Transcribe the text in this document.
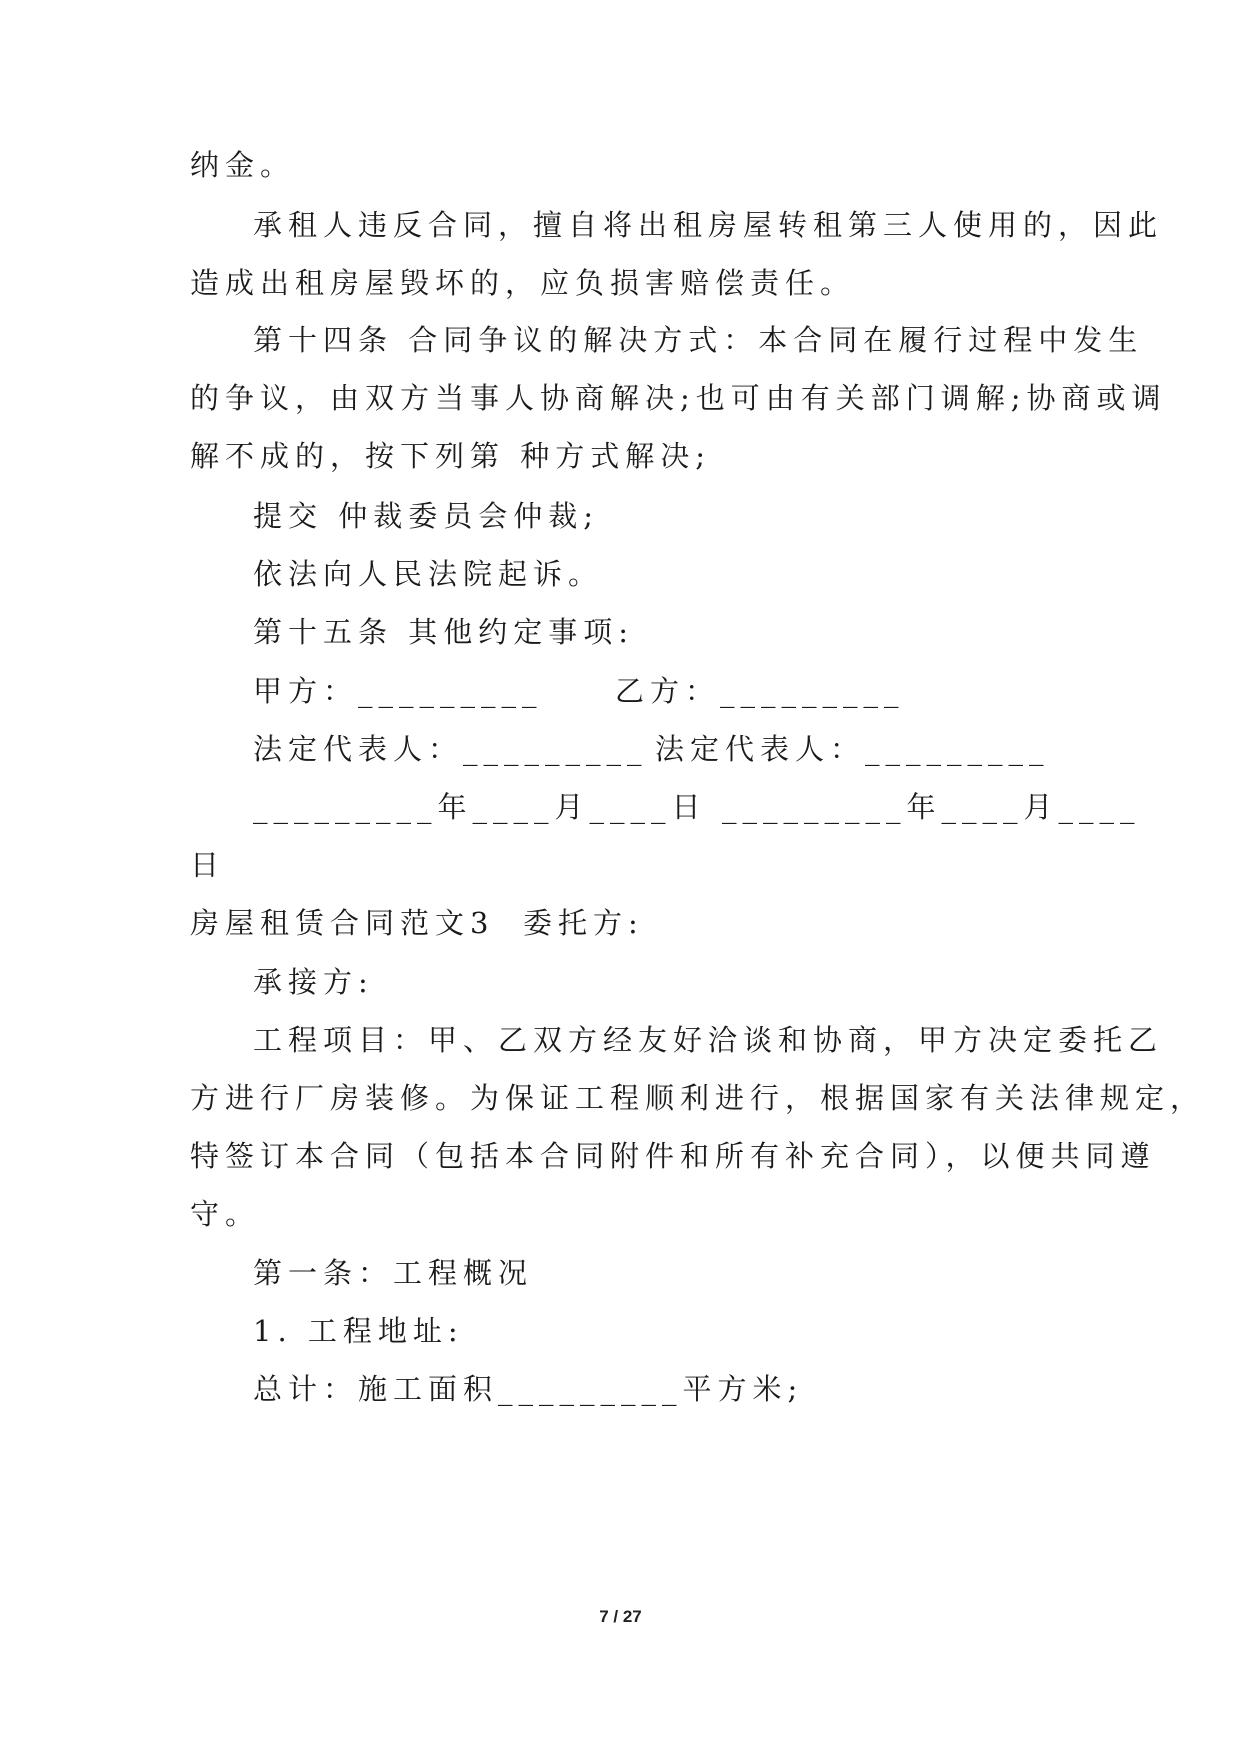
纳金。
承租人违反合同，擅自将出租房屋转租第三人使用的，因此
造成出租房屋毁坏的，应负损害赔偿责任。
第十四条 合同争议的解决方式：本合同在履行过程中发生
的争议，由双方当事人协商解决;也可由有关部门调解;协商或调
解不成的，按下列第 种方式解决;
提交 仲裁委员会仲裁;
依法向人民法院起诉。
第十五条 其他约定事项:
甲方：_________ 乙方：_________
法定代表人：_________ 法定代表人：_________
_________年____月____日 _________年____月____
日
房屋租赁合同范文3 委托方:
承接方:
工程项目：甲、乙双方经友好洽谈和协商，甲方决定委托乙
方进行厂房装修。为保证工程顺利进行，根据国家有关法律规定，
特签订本合同（包括本合同附件和所有补充合同），以便共同遵
守。
第一条：工程概况
1. 工程地址:
总计：施工面积_________平方米;
7 / 27
